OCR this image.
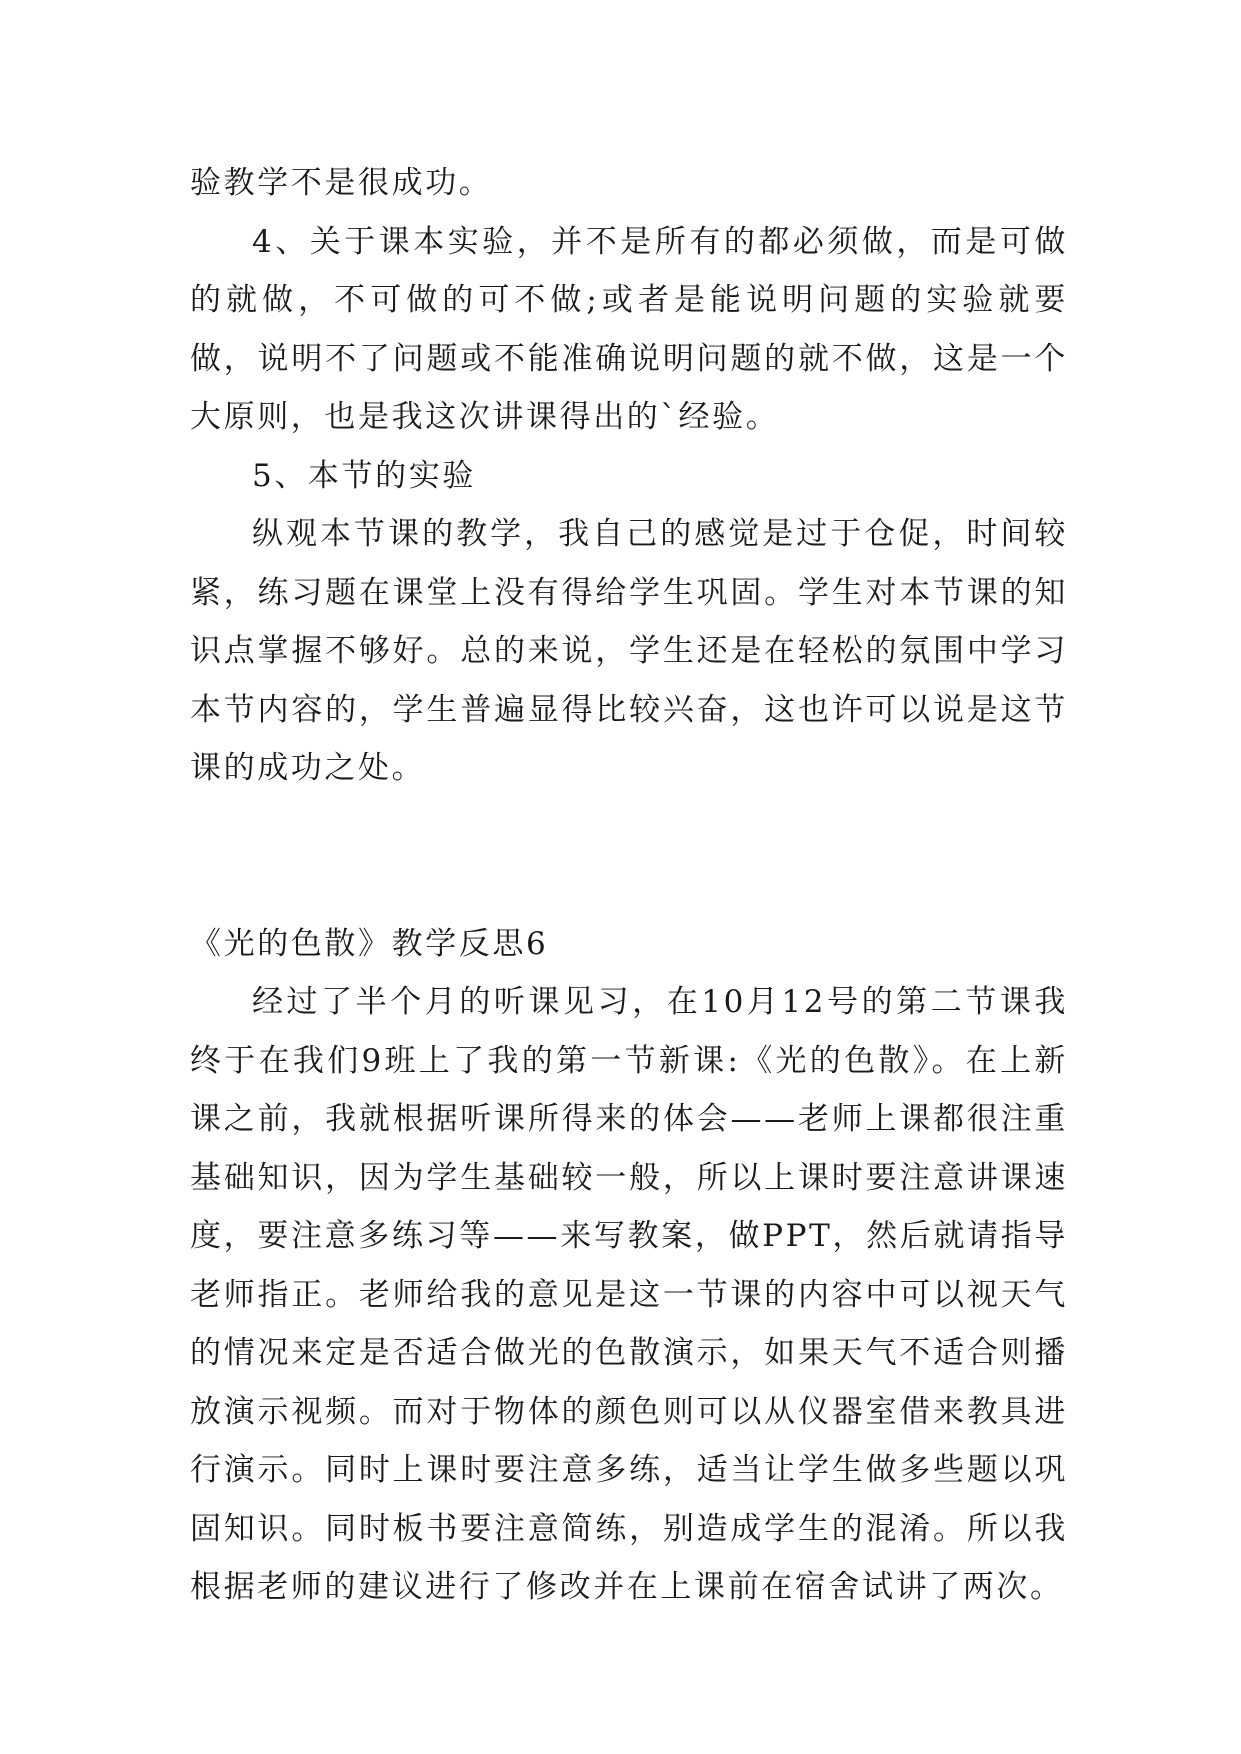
验教学不是很成功。

4、关于课本实验，并不是所有的都必须做，而是可做的就做，不可做的可不做;或者是能说明问题的实验就要做，说明不了问题或不能准确说明问题的就不做，这是一个大原则，也是我这次讲课得出的`经验。

5、本节的实验

纵观本节课的教学，我自己的感觉是过于仓促，时间较紧，练习题在课堂上没有得给学生巩固。学生对本节课的知识点掌握不够好。总的来说，学生还是在轻松的氛围中学习本节内容的，学生普遍显得比较兴奋，这也许可以说是这节课的成功之处。

《光的色散》教学反思6

经过了半个月的听课见习，在10月12号的第二节课我终于在我们9班上了我的第一节新课:《光的色散》。在上新课之前，我就根据听课所得来的体会——老师上课都很注重基础知识，因为学生基础较一般，所以上课时要注意讲课速度，要注意多练习等——来写教案，做PPT，然后就请指导老师指正。老师给我的意见是这一节课的内容中可以视天气的情况来定是否适合做光的色散演示，如果天气不适合则播放演示视频。而对于物体的颜色则可以从仪器室借来教具进行演示。同时上课时要注意多练，适当让学生做多些题以巩固知识。同时板书要注意简练，别造成学生的混淆。所以我根据老师的建议进行了修改并在上课前在宿舍试讲了两次。
